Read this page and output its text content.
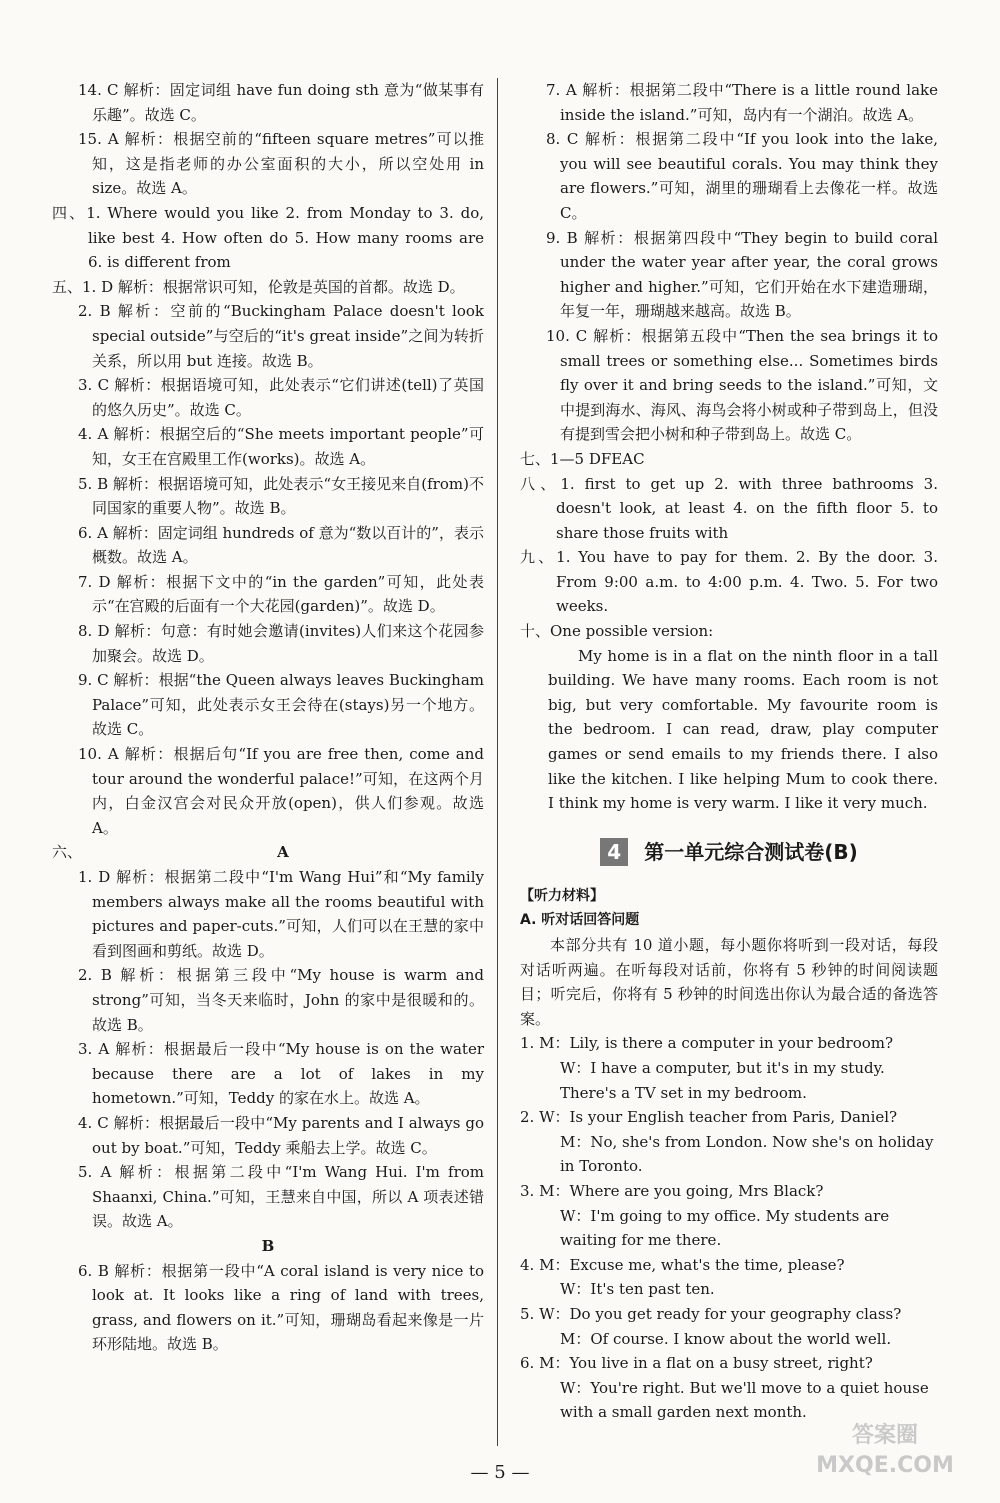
14. C 解析：固定词组 have fun doing sth 意为“做某事有乐趣”。故选 C。

15. A 解析：根据空前的“fifteen square metres”可以推知，这是指老师的办公室面积的大小，所以空处用 in size。故选 A。

四、1. Where would you like 2. from Monday to 3. do, like best 4. How often do 5. How many rooms are 6. is different from

五、1. D 解析：根据常识可知，伦敦是英国的首都。故选 D。

2. B 解析：空前的“Buckingham Palace doesn't look special outside”与空后的“it's great inside”之间为转折关系，所以用 but 连接。故选 B。

3. C 解析：根据语境可知，此处表示“它们讲述(tell)了英国的悠久历史”。故选 C。

4. A 解析：根据空后的“She meets important people”可知，女王在宫殿里工作(works)。故选 A。

5. B 解析：根据语境可知，此处表示“女王接见来自(from)不同国家的重要人物”。故选 B。

6. A 解析：固定词组 hundreds of 意为“数以百计的”，表示概数。故选 A。

7. D 解析：根据下文中的“in the garden”可知，此处表示“在宫殿的后面有一个大花园(garden)”。故选 D。

8. D 解析：句意：有时她会邀请(invites)人们来这个花园参加聚会。故选 D。

9. C 解析：根据“the Queen always leaves Buckingham Palace”可知，此处表示女王会待在(stays)另一个地方。故选 C。

10. A 解析：根据后句“If you are free then, come and tour around the wonderful palace!”可知，在这两个月内，白金汉宫会对民众开放(open)，供人们参观。故选 A。

六、	A

1. D 解析：根据第二段中“I'm Wang Hui”和“My family members always make all the rooms beautiful with pictures and paper-cuts.”可知，人们可以在王慧的家中看到图画和剪纸。故选 D。

2. B 解析：根据第三段中“My house is warm and strong”可知，当冬天来临时，John 的家中是很暖和的。故选 B。

3. A 解析：根据最后一段中“My house is on the water because there are a lot of lakes in my hometown.”可知，Teddy 的家在水上。故选 A。

4. C 解析：根据最后一段中“My parents and I always go out by boat.”可知，Teddy 乘船去上学。故选 C。

5. A 解析：根据第二段中“I'm Wang Hui. I'm from Shaanxi, China.”可知，王慧来自中国，所以 A 项表述错误。故选 A。

B

6. B 解析：根据第一段中“A coral island is very nice to look at. It looks like a ring of land with trees, grass, and flowers on it.”可知，珊瑚岛看起来像是一片环形陆地。故选 B。

7. A 解析：根据第二段中“There is a little round lake inside the island.”可知，岛内有一个湖泊。故选 A。

8. C 解析：根据第二段中“If you look into the lake, you will see beautiful corals. You may think they are flowers.”可知，湖里的珊瑚看上去像花一样。故选 C。

9. B 解析：根据第四段中“They begin to build coral under the water year after year, the coral grows higher and higher.”可知，它们开始在水下建造珊瑚，年复一年，珊瑚越来越高。故选 B。

10. C 解析：根据第五段中“Then the sea brings it to small trees or something else... Sometimes birds fly over it and bring seeds to the island.”可知，文中提到海水、海风、海鸟会将小树或种子带到岛上，但没有提到雪会把小树和种子带到岛上。故选 C。

七、1—5 DFEAC

八、1. first to get up 2. with three bathrooms 3. doesn't look, at least 4. on the fifth floor 5. to share those fruits with

九、1. You have to pay for them. 2. By the door. 3. From 9:00 a.m. to 4:00 p.m. 4. Two. 5. For two weeks.

十、One possible version:

My home is in a flat on the ninth floor in a tall building. We have many rooms. Each room is not big, but very comfortable. My favourite room is the bedroom. I can read, draw, play computer games or send emails to my friends there. I also like the kitchen. I like helping Mum to cook there. I think my home is very warm. I like it very much.

4	第一单元综合测试卷(B)

【听力材料】

A. 听对话回答问题

本部分共有 10 道小题，每小题你将听到一段对话，每段对话听两遍。在听每段对话前，你将有 5 秒钟的时间阅读题目；听完后，你将有 5 秒钟的时间选出你认为最合适的备选答案。

1. M：Lily, is there a computer in your bedroom?

W：I have a computer, but it's in my study. There's a TV set in my bedroom.

2. W：Is your English teacher from Paris, Daniel?

M：No, she's from London. Now she's on holiday in Toronto.

3. M：Where are you going, Mrs Black?

W：I'm going to my office. My students are waiting for me there.

4. M：Excuse me, what's the time, please?

W：It's ten past ten.

5. W：Do you get ready for your geography class?

M：Of course. I know about the world well.

6. M：You live in a flat on a busy street, right?

W：You're right. But we'll move to a quiet house with a small garden next month.

— 5 —
答案圈
MXQE.COM
